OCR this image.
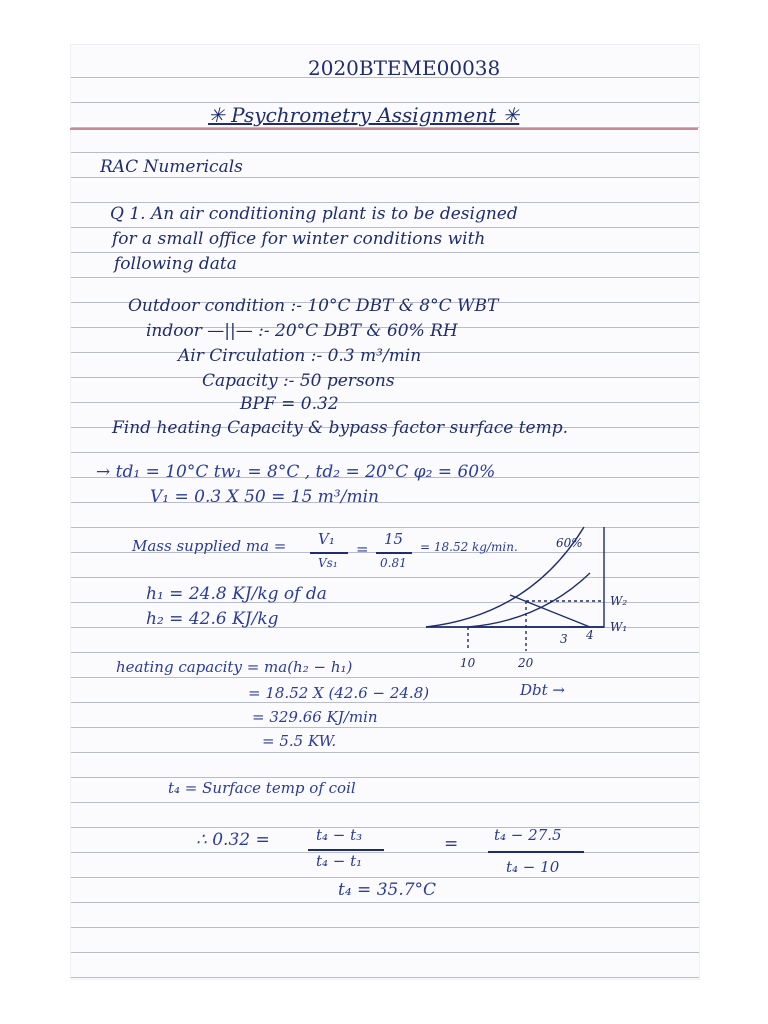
2020BTEME00038
✳ Psychrometry Assignment ✳
RAC Numericals
Q 1. An air conditioning plant is to be designed
for a small office for winter conditions with
following data
Outdoor condition :- 10°C DBT & 8°C WBT
indoor —||— :- 20°C DBT & 60% RH
Air Circulation :- 0.3 m³/min
Capacity :- 50 persons
BPF = 0.32
Find heating Capacity & bypass factor surface temp.
→ td₁ = 10°C tw₁ = 8°C , td₂ = 20°C φ₂ = 60%
V₁ = 0.3 X 50 = 15 m³/min
Mass supplied ma = V₁
Vs₁
=
15
0.81
= 18.52 kg/min.
h₁ = 24.8 KJ/kg of da
h₂ = 42.6 KJ/kg
heating capacity = ma(h₂ − h₁)
= 18.52 X (42.6 − 24.8)
= 329.66 KJ/min
= 5.5 KW.
t₄ = Surface temp of coil
∴ 0.32 =	t₄ − t₃
t₄ − t₁
= t₄ − 27.5
t₄ − 10
t₄ = 35.7°C
60%
W₂
W₁
3 4
10	20
Dbt →
